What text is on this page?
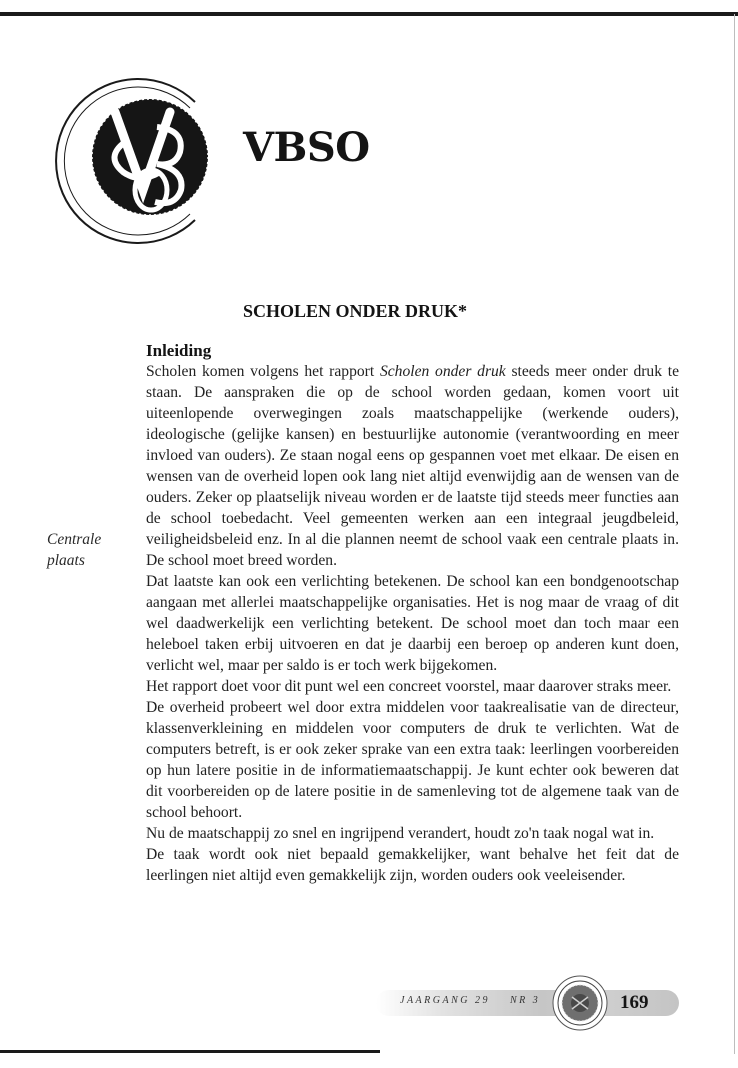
VBSO
SCHOLEN ONDER DRUK*
Centrale
plaats
Inleiding

Scholen komen volgens het rapport Scholen onder druk steeds meer onder druk te staan. De aanspraken die op de school worden gedaan, komen voort uit uiteenlopende overwegingen zoals maatschappelijke (werkende ouders), ideologische (gelijke kansen) en bestuurlijke autonomie (verantwoording en meer invloed van ouders). Ze staan nogal eens op gespannen voet met elkaar. De eisen en wensen van de overheid lopen ook lang niet altijd evenwijdig aan de wensen van de ouders. Zeker op plaatselijk niveau worden er de laatste tijd steeds meer functies aan de school toebedacht. Veel gemeenten werken aan een integraal jeugdbeleid, veiligheidsbeleid enz. In al die plannen neemt de school vaak een centrale plaats in. De school moet breed worden.

Dat laatste kan ook een verlichting betekenen. De school kan een bondgenootschap aangaan met allerlei maatschappelijke organisaties. Het is nog maar de vraag of dit wel daadwerkelijk een verlichting betekent. De school moet dan toch maar een heleboel taken erbij uitvoeren en dat je daarbij een beroep op anderen kunt doen, verlicht wel, maar per saldo is er toch werk bijgekomen.

Het rapport doet voor dit punt wel een concreet voorstel, maar daarover straks meer.

De overheid probeert wel door extra middelen voor taakrealisatie van de directeur, klassenverkleining en middelen voor computers de druk te verlichten. Wat de computers betreft, is er ook zeker sprake van een extra taak: leerlingen voorbereiden op hun latere positie in de informatiemaatschappij. Je kunt echter ook beweren dat dit voorbereiden op de latere positie in de samenleving tot de algemene taak van de school behoort.

Nu de maatschappij zo snel en ingrijpend verandert, houdt zo'n taak nogal wat in.

De taak wordt ook niet bepaald gemakkelijker, want behalve het feit dat de leerlingen niet altijd even gemakkelijk zijn, worden ouders ook veeleisender.

JAARGANG 29 NR 3	169
